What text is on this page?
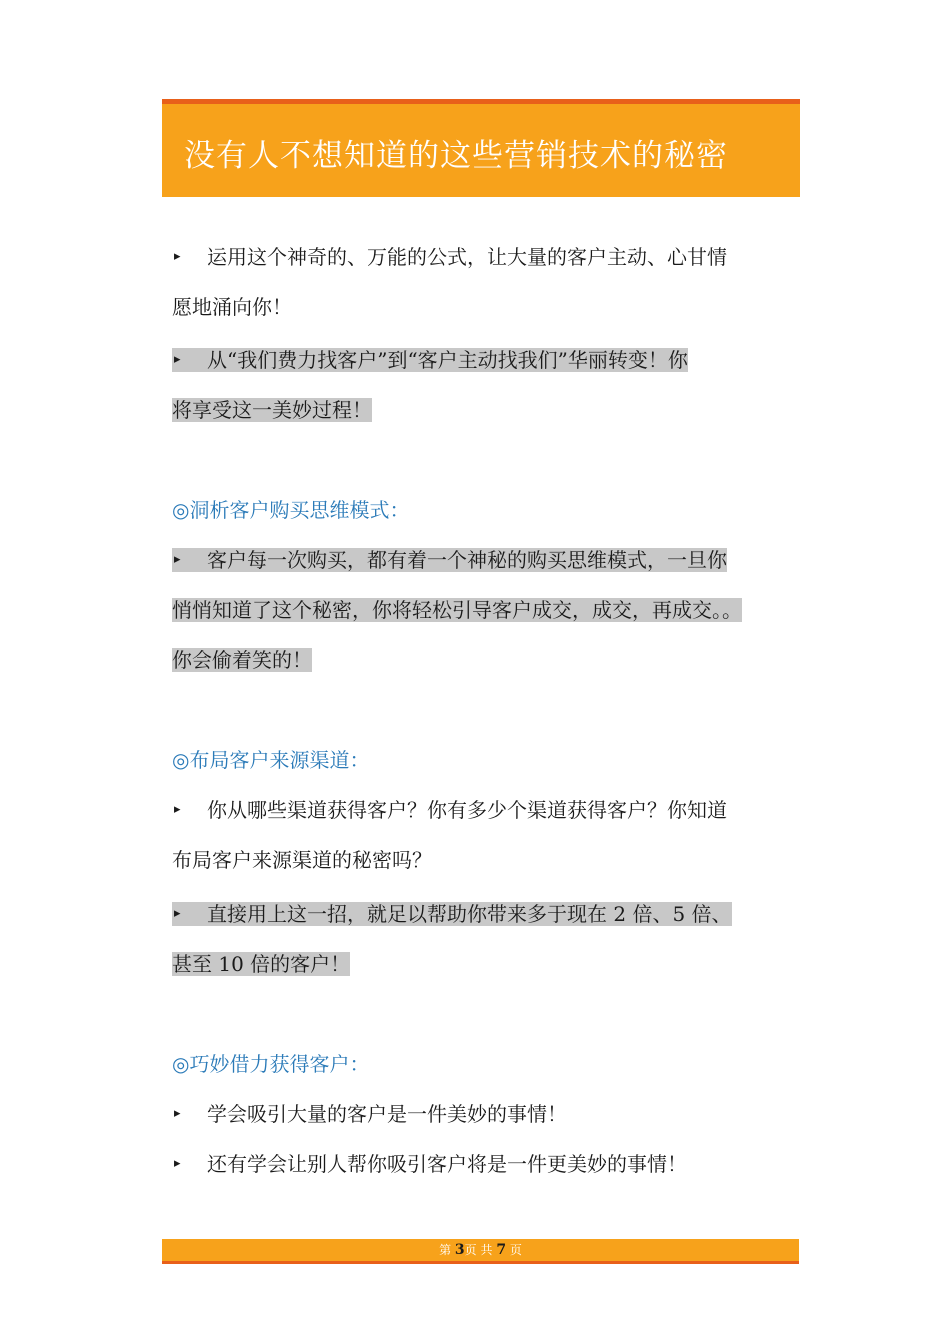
没有人不想知道的这些营销技术的秘密
▸ 运用这个神奇的、万能的公式，让大量的客户主动、心甘情
愿地涌向你！
▸ 从“我们费力找客户”到“客户主动找我们”华丽转变！你
将享受这一美妙过程！
◎洞析客户购买思维模式：
▸ 客户每一次购买，都有着一个神秘的购买思维模式，一旦你
悄悄知道了这个秘密，你将轻松引导客户成交，成交，再成交。。
你会偷着笑的！
◎布局客户来源渠道：
▸ 你从哪些渠道获得客户？你有多少个渠道获得客户？你知道
布局客户来源渠道的秘密吗？
▸ 直接用上这一招，就足以帮助你带来多于现在 2 倍、5 倍、
甚至 10 倍的客户！
◎巧妙借力获得客户：
▸ 学会吸引大量的客户是一件美妙的事情！
▸ 还有学会让别人帮你吸引客户将是一件更美妙的事情！
第 3页 共 7 页
